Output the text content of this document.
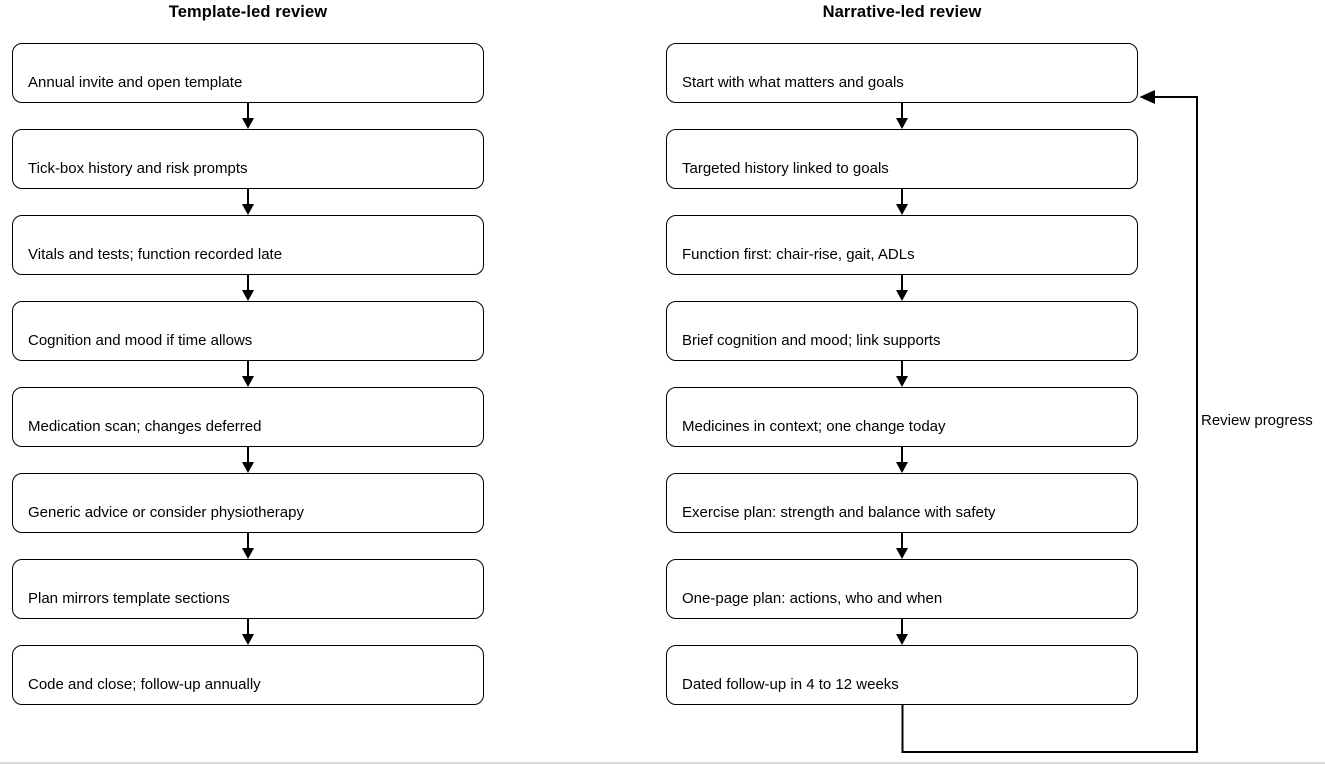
Template-led review
Annual invite and open template
Tick-box history and risk prompts
Vitals and tests; function recorded late
Cognition and mood if time allows
Medication scan; changes deferred
Generic advice or consider physiotherapy
Plan mirrors template sections
Code and close; follow-up annually
Narrative-led review
Start with what matters and goals
Targeted history linked to goals
Function first: chair-rise, gait, ADLs
Brief cognition and mood; link supports
Medicines in context; one change today
Exercise plan: strength and balance with safety
One-page plan: actions, who and when
Dated follow-up in 4 to 12 weeks
Review progress
